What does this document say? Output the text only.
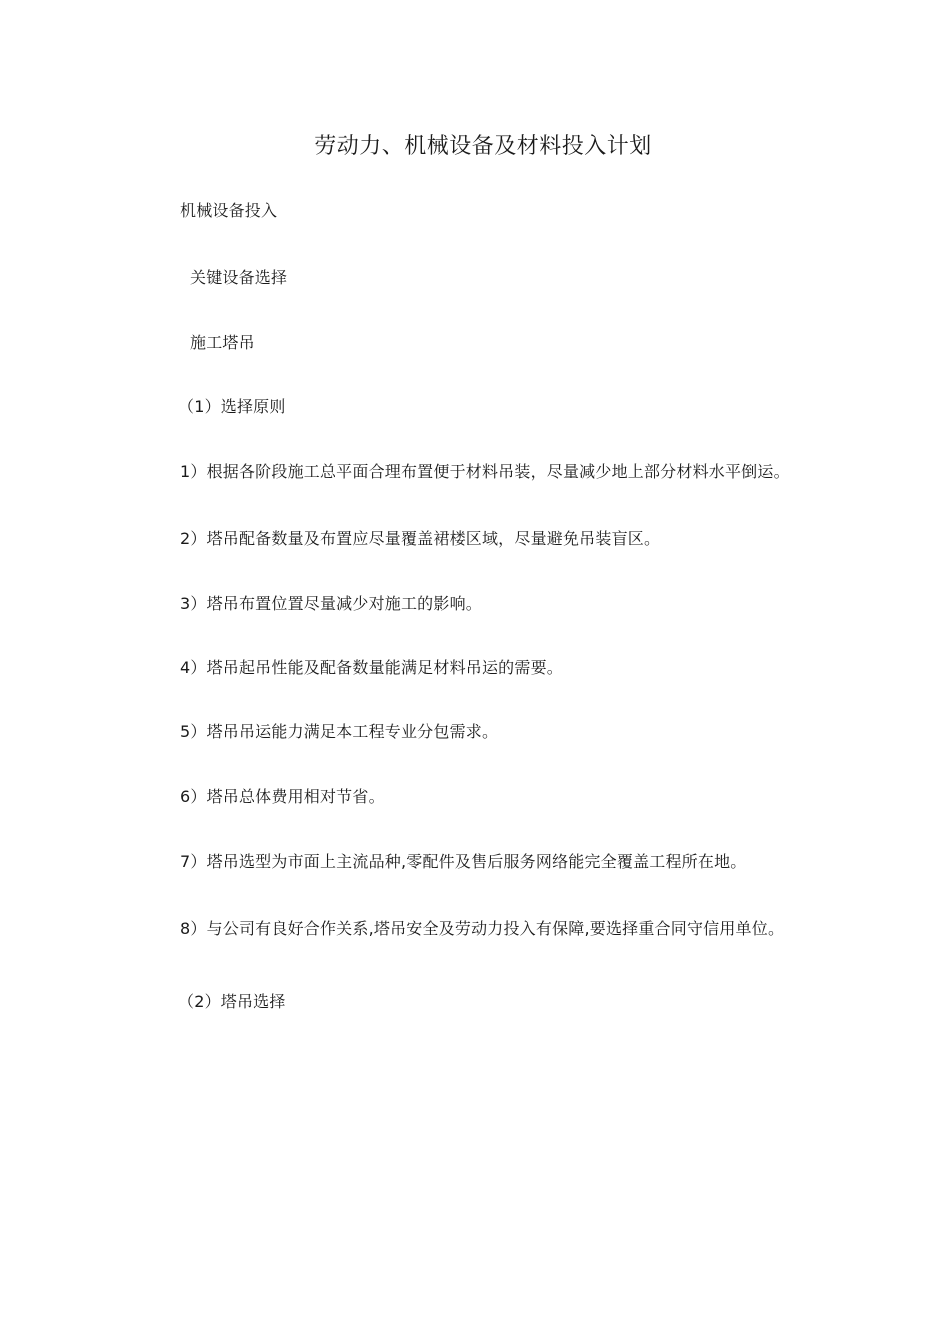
劳动力、机械设备及材料投入计划
机械设备投入
关键设备选择
施工塔吊
（1）选择原则
1）根据各阶段施工总平面合理布置便于材料吊装，尽量减少地上部分材料水平倒运。
2）塔吊配备数量及布置应尽量覆盖裙楼区域，尽量避免吊装盲区。
3）塔吊布置位置尽量减少对施工的影响。
4）塔吊起吊性能及配备数量能满足材料吊运的需要。
5）塔吊吊运能力满足本工程专业分包需求。
6）塔吊总体费用相对节省。
7）塔吊选型为市面上主流品种,零配件及售后服务网络能完全覆盖工程所在地。
8）与公司有良好合作关系,塔吊安全及劳动力投入有保障,要选择重合同守信用单位。
（2）塔吊选择
